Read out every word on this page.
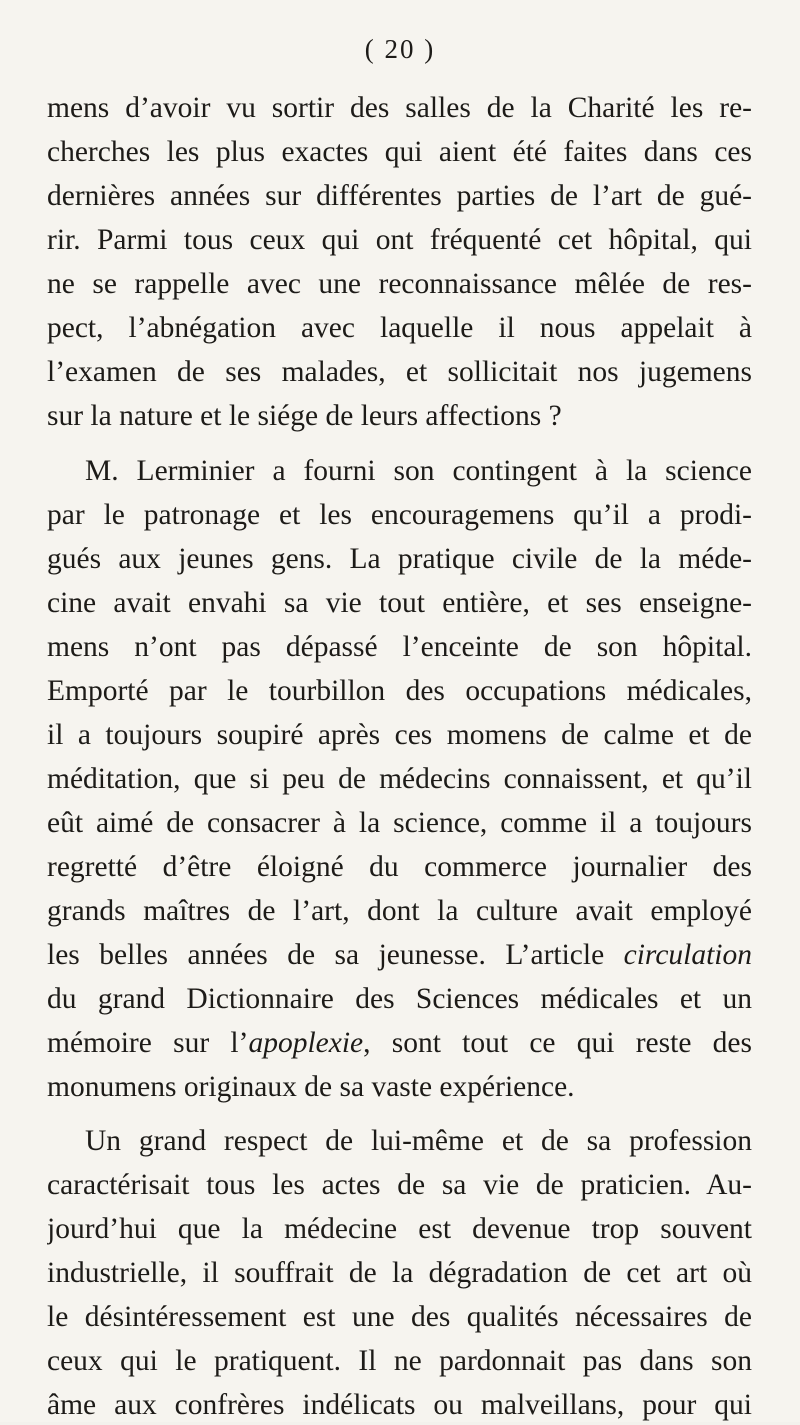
( 20 )
mens d’avoir vu sortir des salles de la Charité les re-
cherches les plus exactes qui aient été faites dans ces
dernières années sur différentes parties de l’art de gué-
rir. Parmi tous ceux qui ont fréquenté cet hôpital, qui
ne se rappelle avec une reconnaissance mêlée de res-
pect, l’abnégation avec laquelle il nous appelait à
l’examen de ses malades, et sollicitait nos jugemens
sur la nature et le siége de leurs affections ?
M. Lerminier a fourni son contingent à la science
par le patronage et les encouragemens qu’il a prodi-
gués aux jeunes gens. La pratique civile de la méde-
cine avait envahi sa vie tout entière, et ses enseigne-
mens n’ont pas dépassé l’enceinte de son hôpital.
Emporté par le tourbillon des occupations médicales,
il a toujours soupiré après ces momens de calme et de
méditation, que si peu de médecins connaissent, et qu’il
eût aimé de consacrer à la science, comme il a toujours
regretté d’être éloigné du commerce journalier des
grands maîtres de l’art, dont la culture avait employé
les belles années de sa jeunesse. L’article circulation
du grand Dictionnaire des Sciences médicales et un
mémoire sur l’apoplexie, sont tout ce qui reste des
monumens originaux de sa vaste expérience.
Un grand respect de lui-même et de sa profession
caractérisait tous les actes de sa vie de praticien. Au-
jourd’hui que la médecine est devenue trop souvent
industrielle, il souffrait de la dégradation de cet art où
le désintéressement est une des qualités nécessaires de
ceux qui le pratiquent. Il ne pardonnait pas dans son
âme aux confrères indélicats ou malveillans, pour qui
